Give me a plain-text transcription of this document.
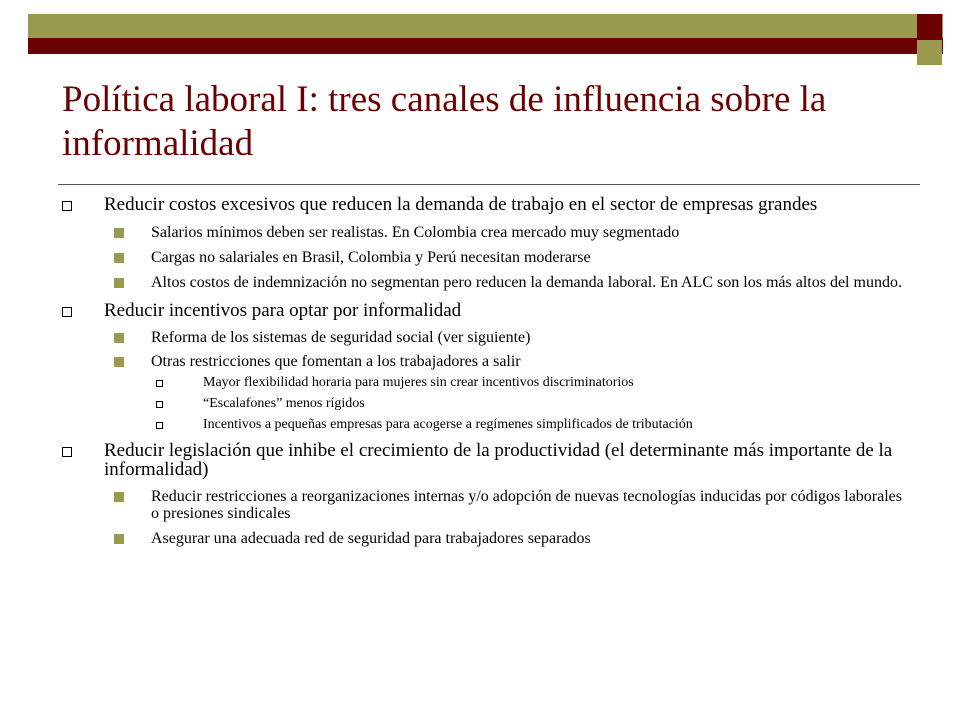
Política laboral I: tres canales de influencia sobre la informalidad
Reducir costos excesivos que reducen la demanda de trabajo en el sector de empresas grandes
Salarios mínimos deben ser realistas. En Colombia crea mercado muy segmentado
Cargas no salariales en Brasil, Colombia y Perú necesitan moderarse
Altos costos de indemnización no segmentan pero reducen la demanda laboral. En ALC son los más altos del mundo.
Reducir incentivos para optar por informalidad
Reforma de los sistemas de seguridad social (ver siguiente)
Otras restricciones que fomentan a los trabajadores a salir
Mayor flexibilidad horaria para mujeres sin crear incentivos discriminatorios
“Escalafones” menos rígidos
Incentivos a pequeñas empresas para acogerse a regímenes simplificados de tributación
Reducir legislación que inhibe el crecimiento de la productividad (el determinante más importante de la informalidad)
Reducir restricciones a reorganizaciones internas y/o adopción de nuevas tecnologías inducidas por códigos laborales o presiones sindicales
Asegurar una adecuada red de seguridad para trabajadores separados
